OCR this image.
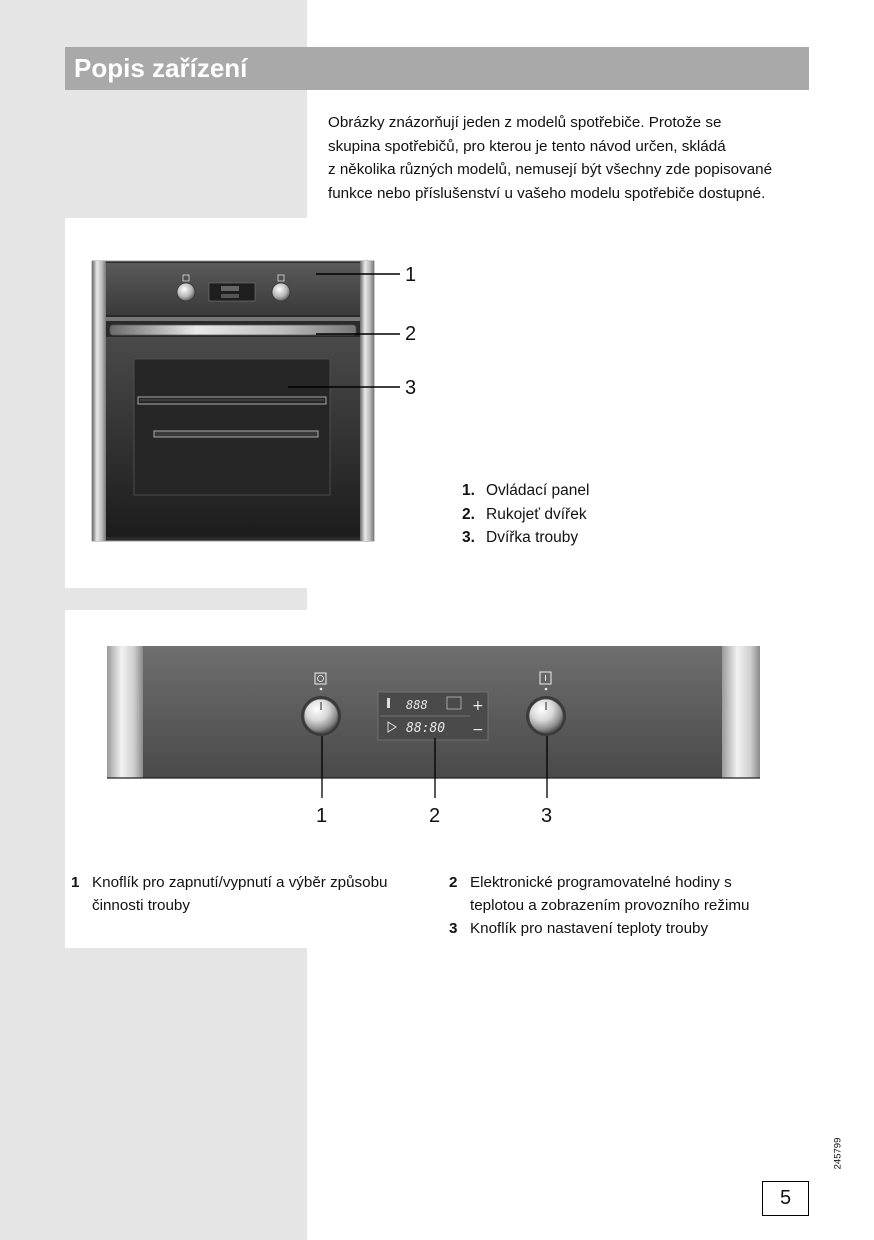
Popis zařízení

Obrázky znázorňují jeden z modelů spotřebiče. Protože se

skupina spotřebičů, pro kterou je tento návod určen, skládá

z několika různých modelů, nemusejí být všechny zde popisované

funkce nebo příslušenství u vašeho modelu spotřebiče dostupné.

1
2
3
1. Ovládací panel
2. Rukojeť dvířek
3. Dvířka trouby
888
88:80
+
−
1	2	3
1 Knoflík pro zapnutí/vypnutí a výběr způsobu
činnosti trouby
2 Elektronické programovatelné hodiny s
teplotou a zobrazením provozního režimu
3 Knoflík pro nastavení teploty trouby
245799
5
